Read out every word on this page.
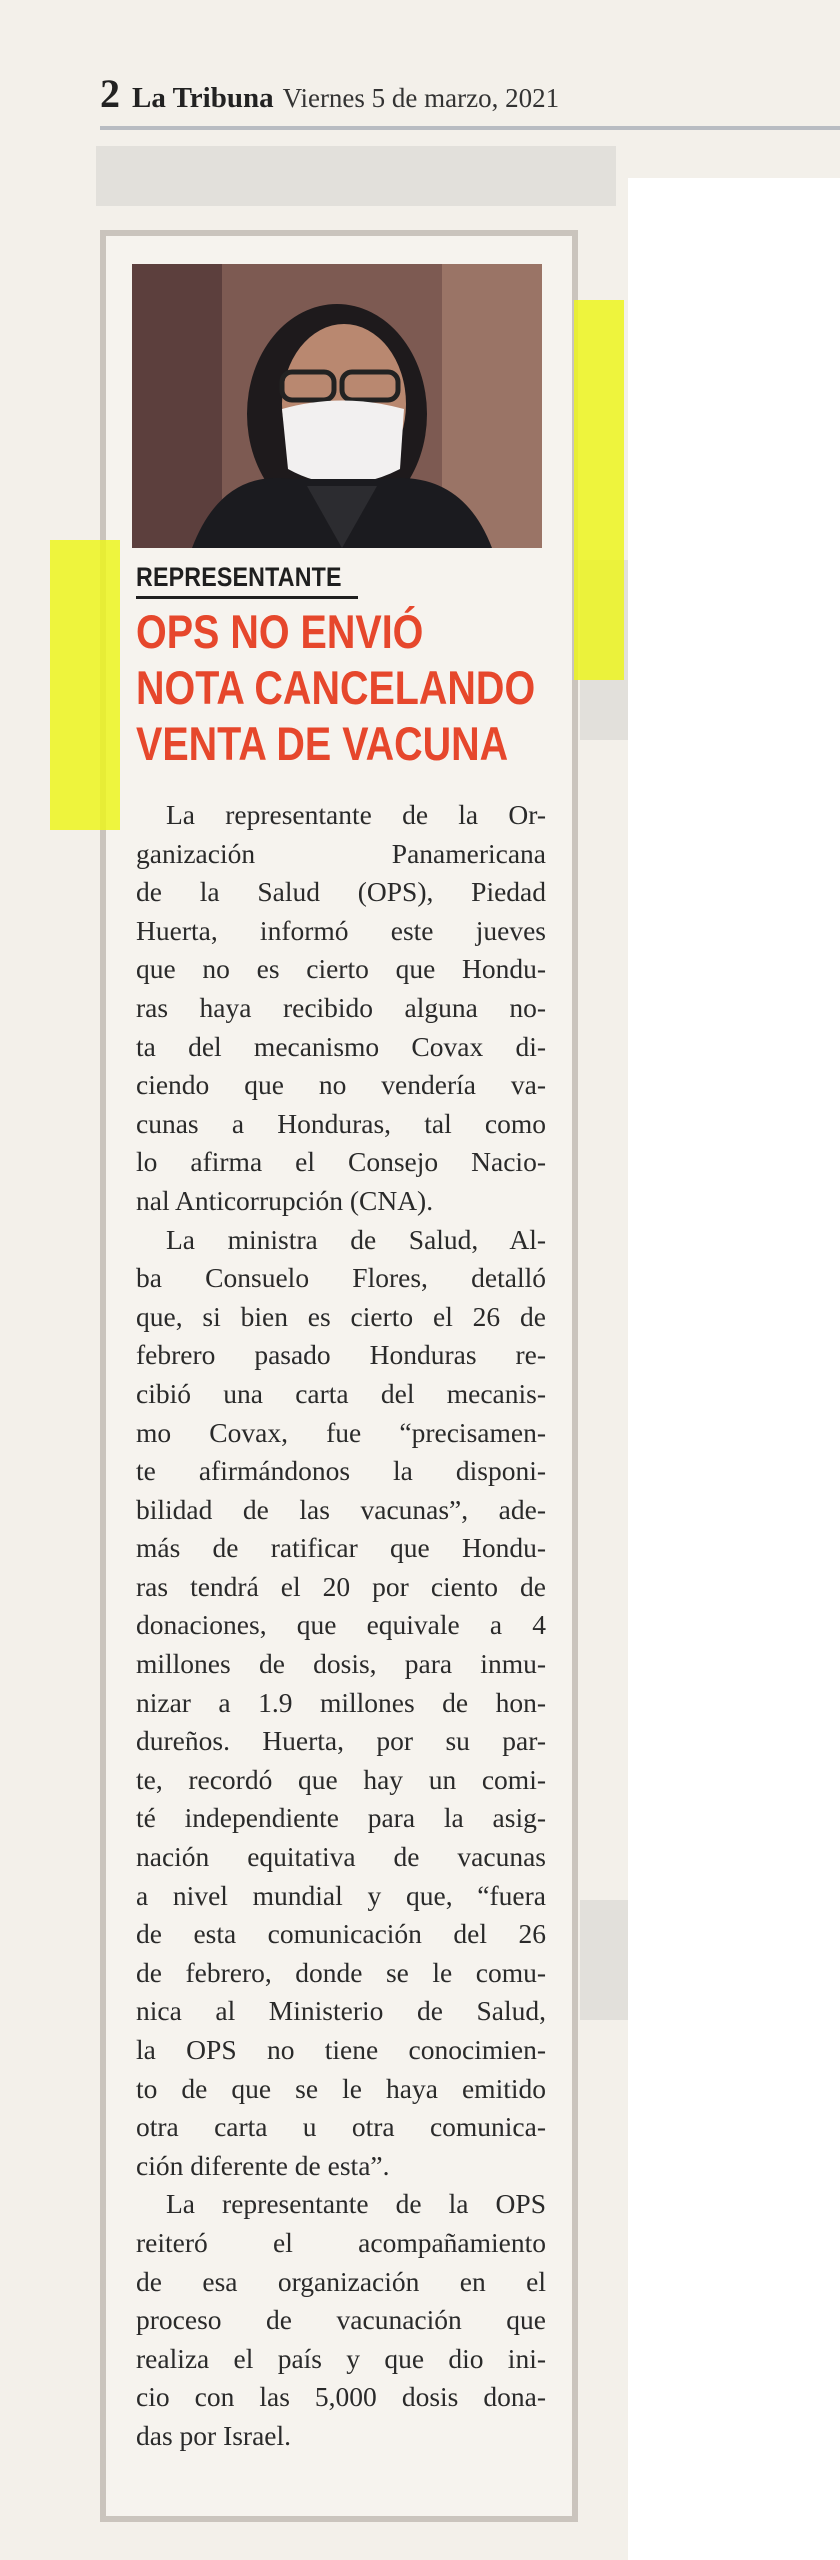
2 La Tribuna Viernes 5 de marzo, 2021
REPRESENTANTE
OPS NO ENVIÓ
NOTA CANCELANDO
VENTA DE VACUNA
La representante de la Or-
ganización Panamericana
de la Salud (OPS), Piedad
Huerta, informó este jueves
que no es cierto que Hondu-
ras haya recibido alguna no-
ta del mecanismo Covax di-
ciendo que no vendería va-
cunas a Honduras, tal como
lo afirma el Consejo Nacio-
nal Anticorrupción (CNA).
La ministra de Salud, Al-
ba Consuelo Flores, detalló
que, si bien es cierto el 26 de
febrero pasado Honduras re-
cibió una carta del mecanis-
mo Covax, fue “precisamen-
te afirmándonos la disponi-
bilidad de las vacunas”, ade-
más de ratificar que Hondu-
ras tendrá el 20 por ciento de
donaciones, que equivale a 4
millones de dosis, para inmu-
nizar a 1.9 millones de hon-
dureños. Huerta, por su par-
te, recordó que hay un comi-
té independiente para la asig-
nación equitativa de vacunas
a nivel mundial y que, “fuera
de esta comunicación del 26
de febrero, donde se le comu-
nica al Ministerio de Salud,
la OPS no tiene conocimien-
to de que se le haya emitido
otra carta u otra comunica-
ción diferente de esta”.
La representante de la OPS
reiteró el acompañamiento
de esa organización en el
proceso de vacunación que
realiza el país y que dio ini-
cio con las 5,000 dosis dona-
das por Israel.
